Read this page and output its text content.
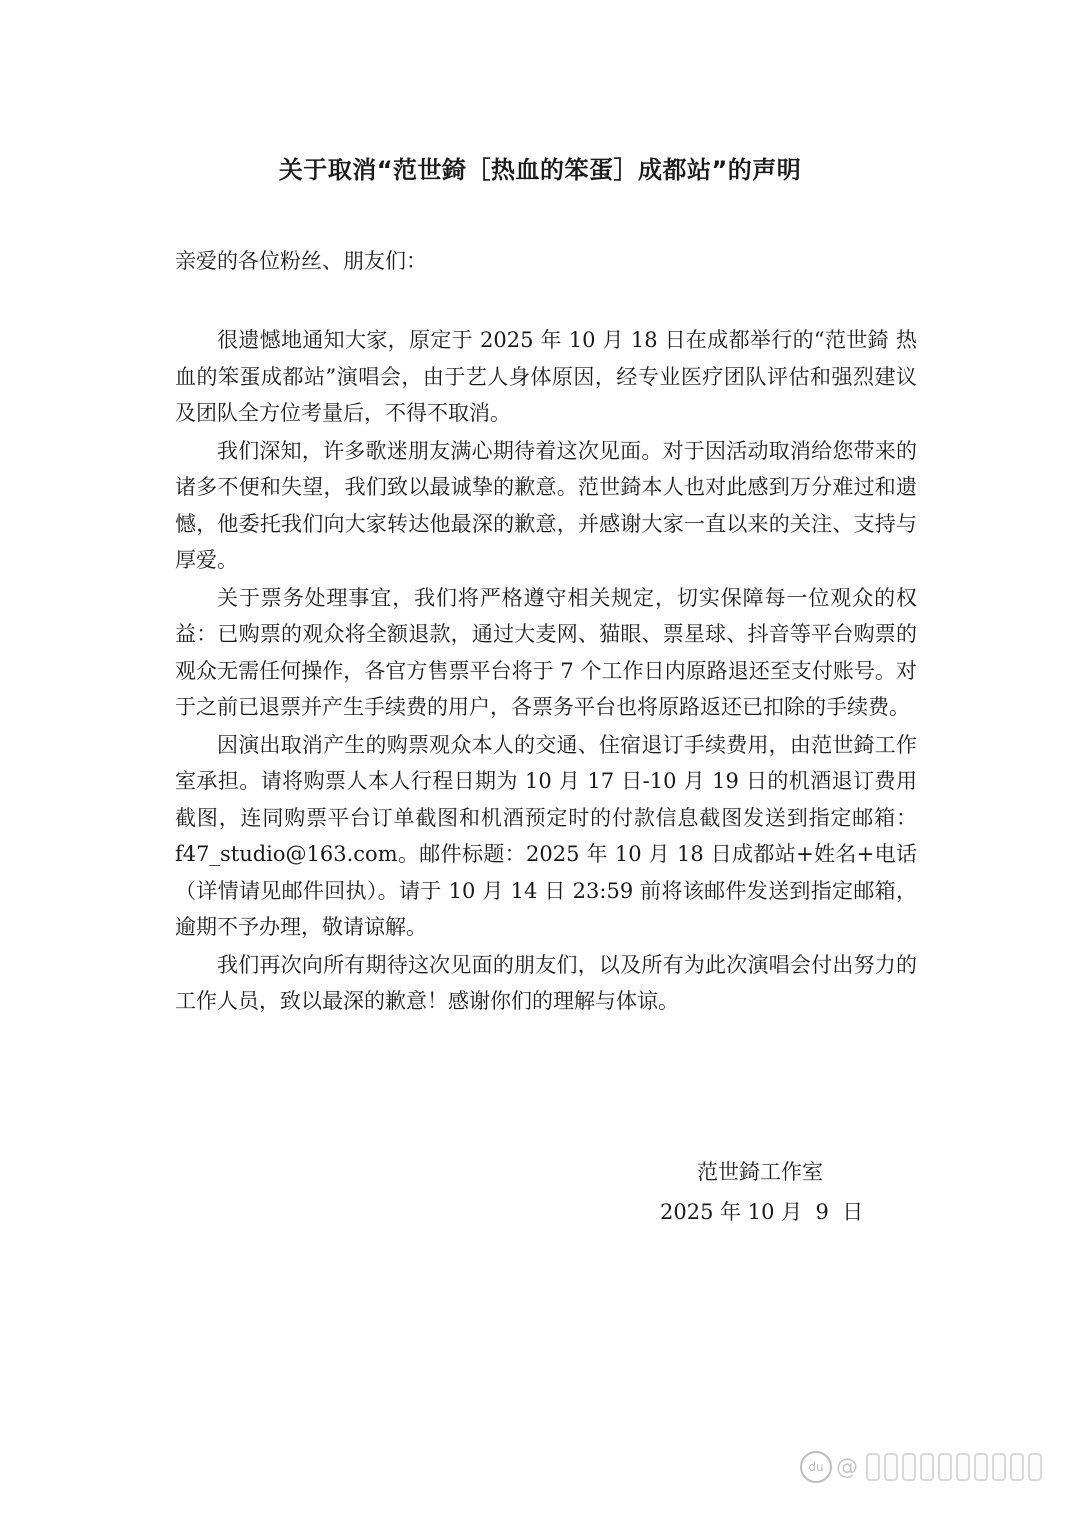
关于取消“范世錡［热血的笨蛋］成都站”的声明
亲爱的各位粉丝、朋友们：

很遗憾地通知大家，原定于 2025 年 10 月 18 日在成都举行的“范世錡 热血的笨蛋成都站”演唱会，由于艺人身体原因，经专业医疗团队评估和强烈建议及团队全方位考量后，不得不取消。

我们深知，许多歌迷朋友满心期待着这次见面。对于因活动取消给您带来的诸多不便和失望，我们致以最诚挚的歉意。范世錡本人也对此感到万分难过和遗憾，他委托我们向大家转达他最深的歉意，并感谢大家一直以来的关注、支持与厚爱。

关于票务处理事宜，我们将严格遵守相关规定，切实保障每一位观众的权益：已购票的观众将全额退款，通过大麦网、猫眼、票星球、抖音等平台购票的观众无需任何操作，各官方售票平台将于 7 个工作日内原路退还至支付账号。对于之前已退票并产生手续费的用户，各票务平台也将原路返还已扣除的手续费。

因演出取消产生的购票观众本人的交通、住宿退订手续费用，由范世錡工作室承担。请将购票人本人行程日期为 10 月 17 日-10 月 19 日的机酒退订费用截图，连同购票平台订单截图和机酒预定时的付款信息截图发送到指定邮箱：f47_studio@163.com。邮件标题：2025 年 10 月 18 日成都站+姓名+电话（详情请见邮件回执）。请于 10 月 14 日 23:59 前将该邮件发送到指定邮箱，逾期不予办理，敬请谅解。

我们再次向所有期待这次见面的朋友们，以及所有为此次演唱会付出努力的工作人员，致以最深的歉意！感谢你们的理解与体谅。

范世錡工作室
2025 年 10 月  9  日
du @
